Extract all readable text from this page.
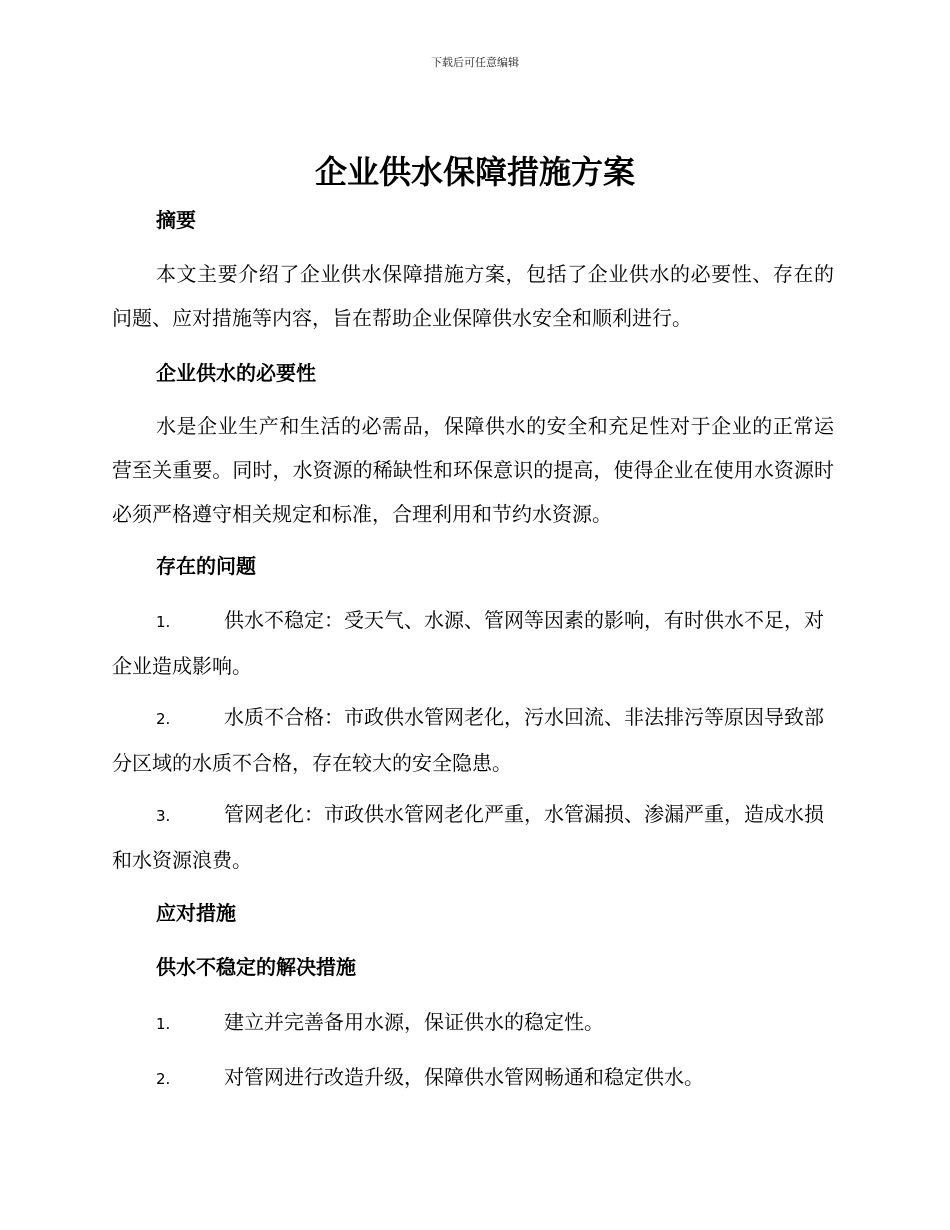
下载后可任意编辑
企业供水保障措施方案
摘要
本文主要介绍了企业供水保障措施方案，包括了企业供水的必要性、存在的问题、应对措施等内容，旨在帮助企业保障供水安全和顺利进行。
企业供水的必要性
水是企业生产和生活的必需品，保障供水的安全和充足性对于企业的正常运营至关重要。同时，水资源的稀缺性和环保意识的提高，使得企业在使用水资源时必须严格遵守相关规定和标准，合理利用和节约水资源。
存在的问题
1.	供水不稳定：受天气、水源、管网等因素的影响，有时供水不足，对企业造成影响。
2.	水质不合格：市政供水管网老化，污水回流、非法排污等原因导致部分区域的水质不合格，存在较大的安全隐患。
3.	管网老化：市政供水管网老化严重，水管漏损、渗漏严重，造成水损和水资源浪费。
应对措施
供水不稳定的解决措施
1.	建立并完善备用水源，保证供水的稳定性。
2.	对管网进行改造升级，保障供水管网畅通和稳定供水。
